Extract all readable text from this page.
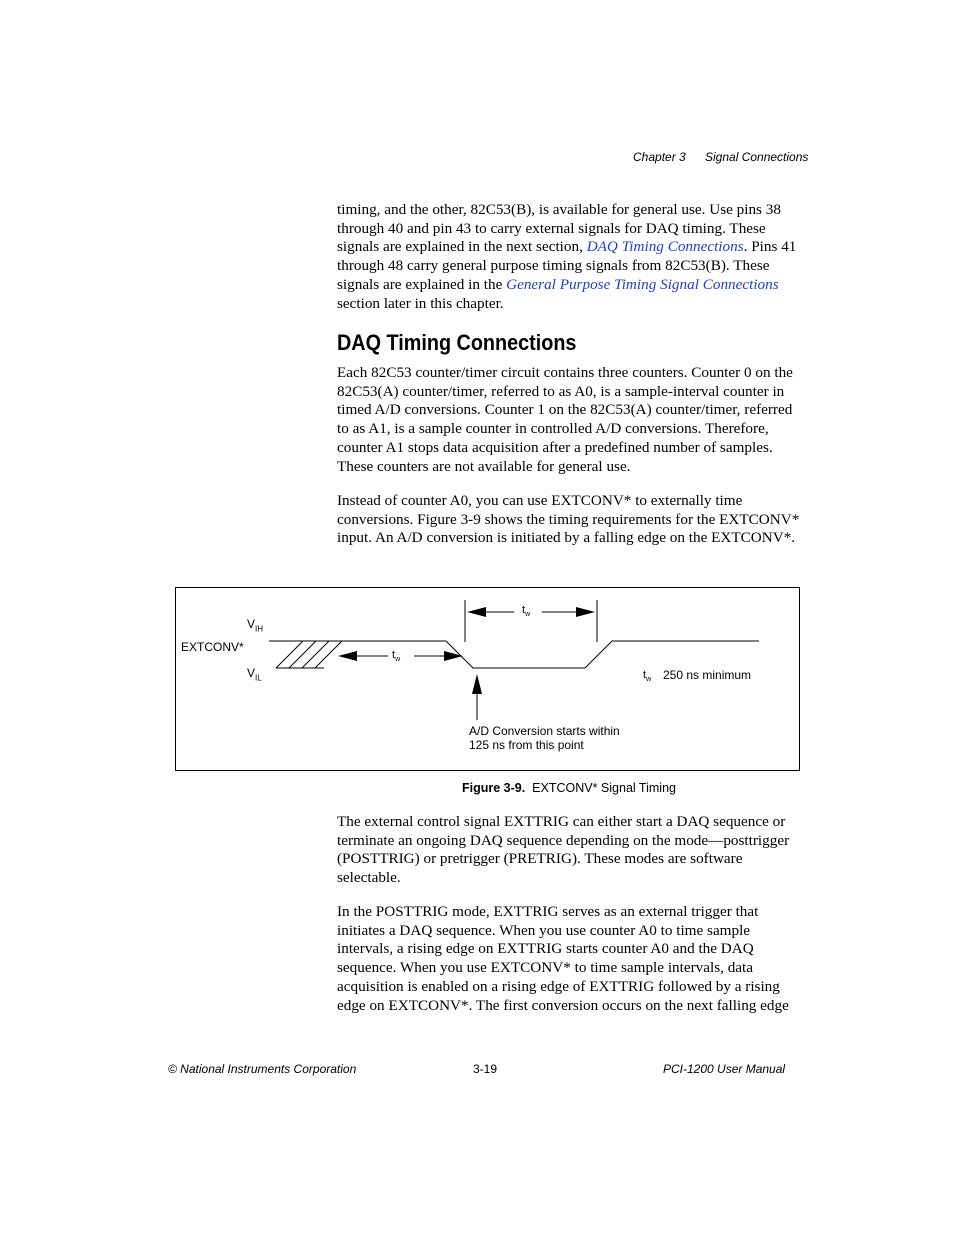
Chapter 3 Signal Connections

timing, and the other, 82C53(B), is available for general use. Use pins 38 through 40 and pin 43 to carry external signals for DAQ timing. These signals are explained in the next section, DAQ Timing Connections. Pins 41 through 48 carry general purpose timing signals from 82C53(B). These signals are explained in the General Purpose Timing Signal Connections section later in this chapter.

DAQ Timing Connections
Each 82C53 counter/timer circuit contains three counters. Counter 0 on the 82C53(A) counter/timer, referred to as A0, is a sample-interval counter in timed A/D conversions. Counter 1 on the 82C53(A) counter/timer, referred to as A1, is a sample counter in controlled A/D conversions. Therefore, counter A1 stops data acquisition after a predefined number of samples. These counters are not available for general use.
Instead of counter A0, you can use EXTCONV* to externally time conversions. Figure 3-9 shows the timing requirements for the EXTCONV* input. An A/D conversion is initiated by a falling edge on the EXTCONV*.
$V_{IH}$
EXTCONV*
$V_{IL}$
$t_w$
$t_w$
$t_w$ 250 ns minimum
A/D Conversion starts within
125 ns from this point
Figure 3-9. EXTCONV* Signal Timing
The external control signal EXTTRIG can either start a DAQ sequence or terminate an ongoing DAQ sequence depending on the mode—posttrigger (POSTTRIG) or pretrigger (PRETRIG). These modes are software selectable.
In the POSTTRIG mode, EXTTRIG serves as an external trigger that initiates a DAQ sequence. When you use counter A0 to time sample intervals, a rising edge on EXTTRIG starts counter A0 and the DAQ sequence. When you use EXTCONV* to time sample intervals, data acquisition is enabled on a rising edge of EXTTRIG followed by a rising edge on EXTCONV*. The first conversion occurs on the next falling edge
© National Instruments Corporation	3-19	PCI-1200 User Manual
